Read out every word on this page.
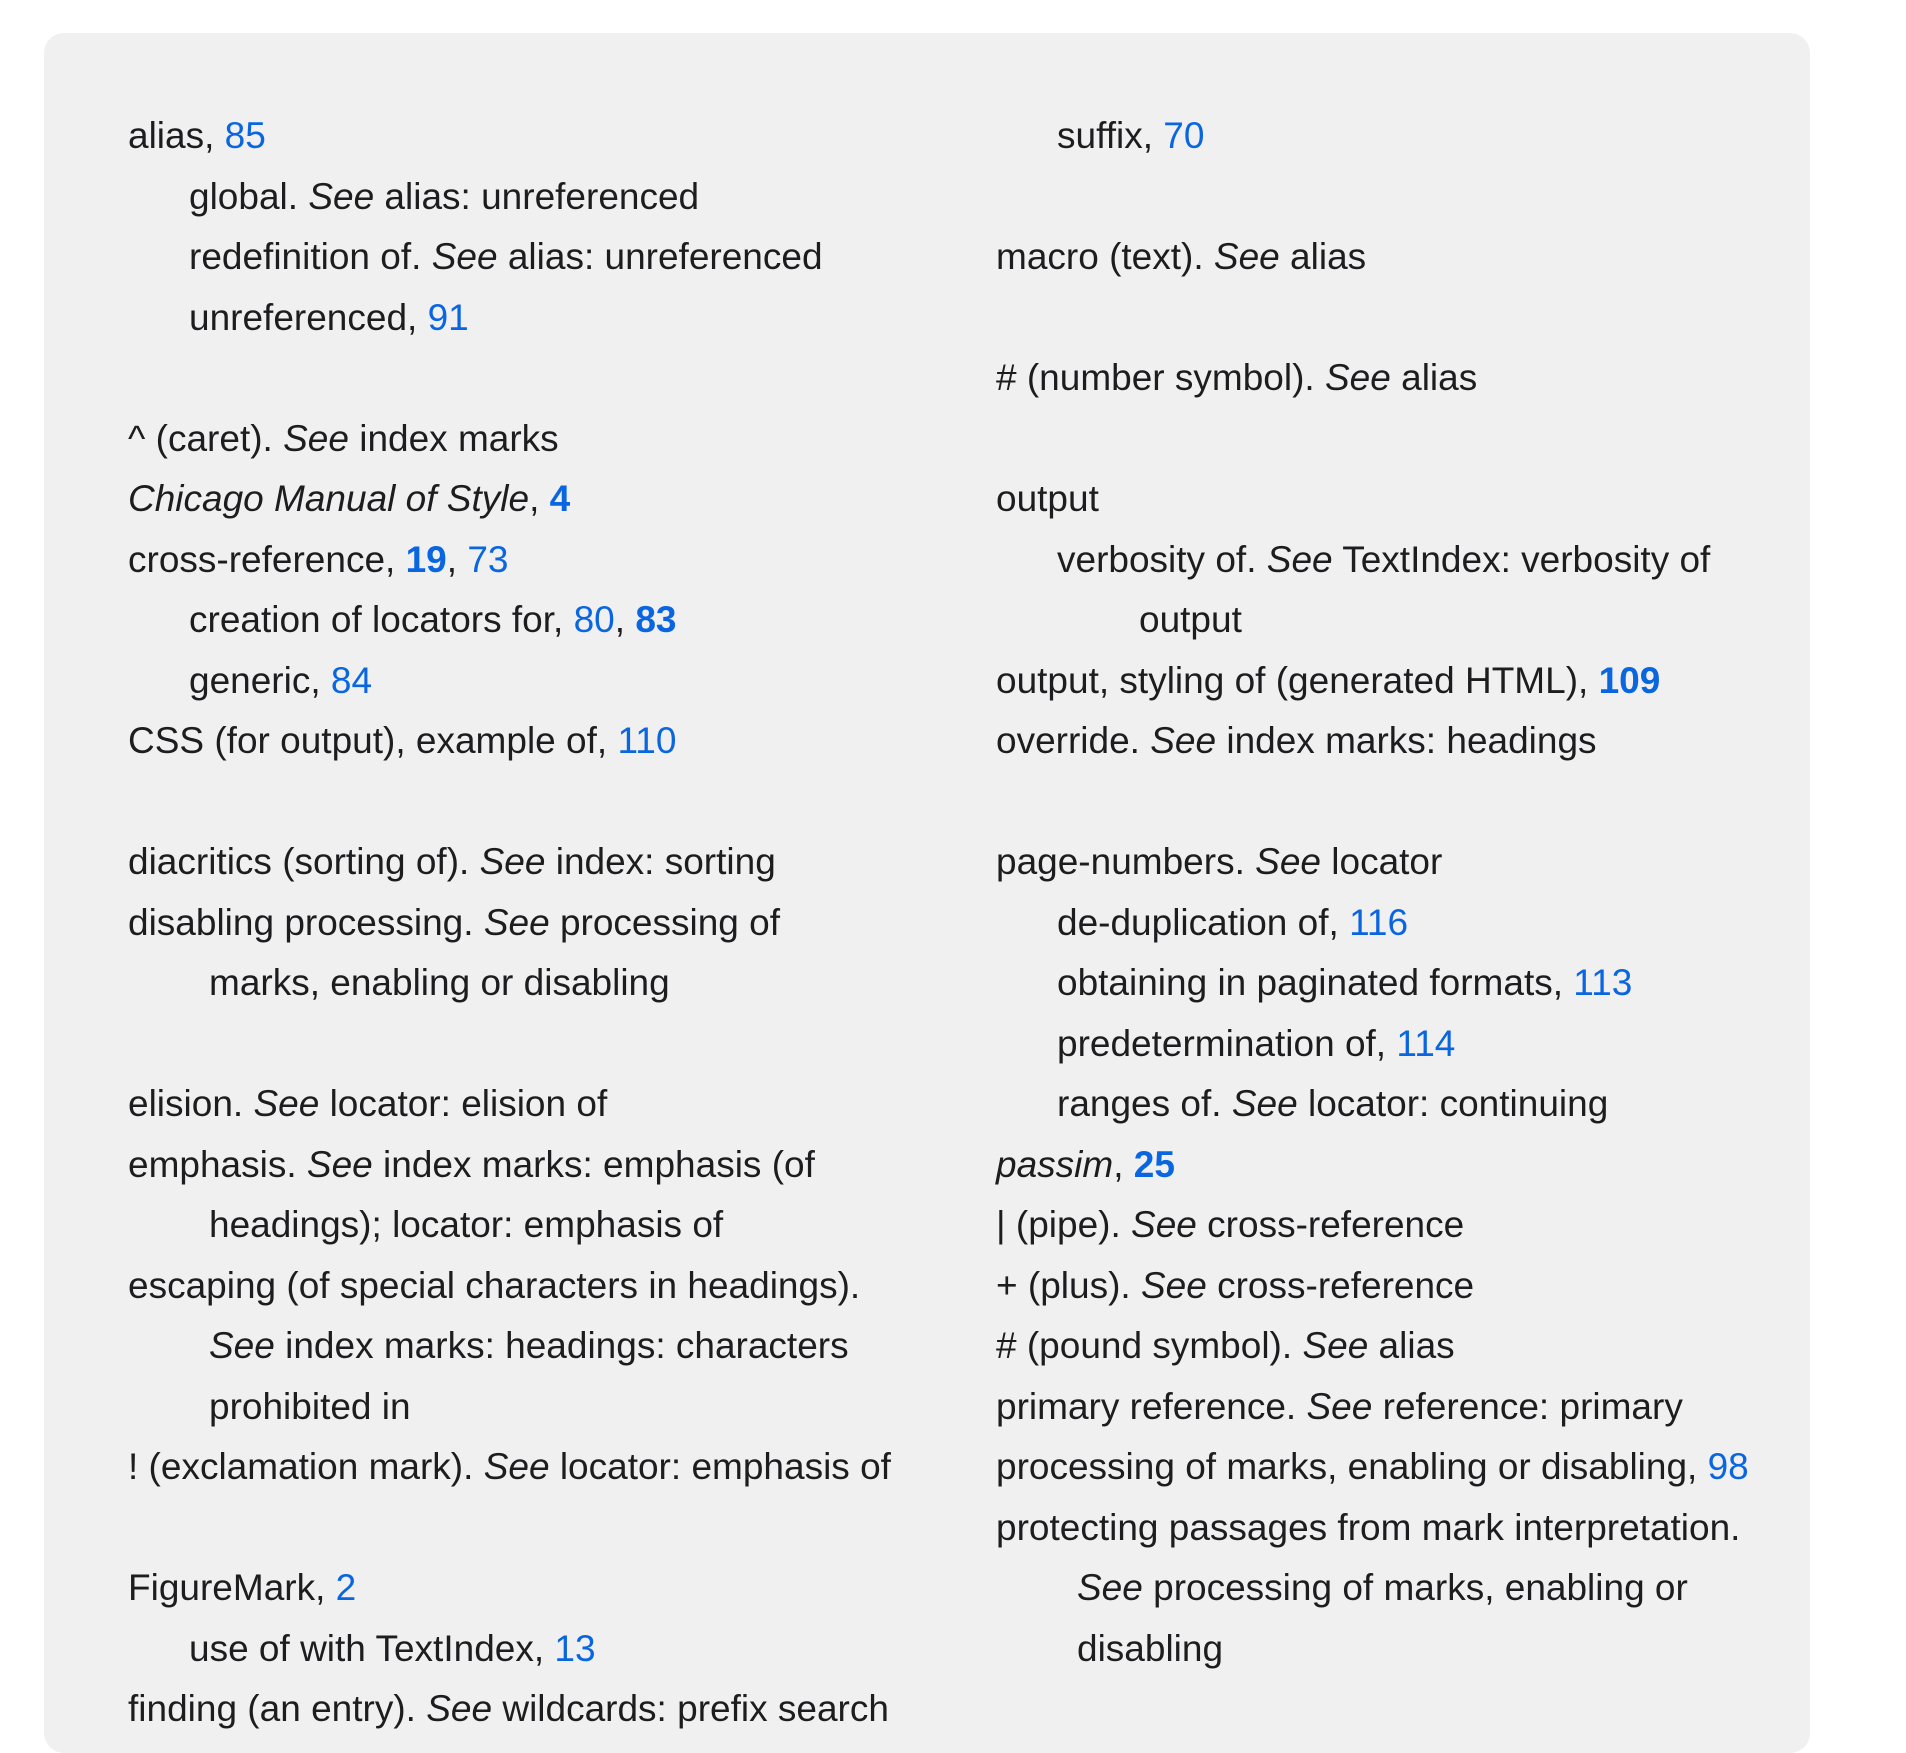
alias, 85
global. See alias: unreferenced
redefinition of. See alias: unreferenced
unreferenced, 91
^ (caret). See index marks
Chicago Manual of Style, 4
cross-reference, 19, 73
creation of locators for, 80, 83
generic, 84
CSS (for output), example of, 110
diacritics (sorting of). See index: sorting
disabling processing. See processing of
marks, enabling or disabling
elision. See locator: elision of
emphasis. See index marks: emphasis (of
headings); locator: emphasis of
escaping (of special characters in headings).
See index marks: headings: characters
prohibited in
! (exclamation mark). See locator: emphasis of
FigureMark, 2
use of with TextIndex, 13
finding (an entry). See wildcards: prefix search
suffix, 70
macro (text). See alias
# (number symbol). See alias
output
verbosity of. See TextIndex: verbosity of
output
output, styling of (generated HTML), 109
override. See index marks: headings
page-numbers. See locator
de-duplication of, 116
obtaining in paginated formats, 113
predetermination of, 114
ranges of. See locator: continuing
passim, 25
| (pipe). See cross-reference
+ (plus). See cross-reference
# (pound symbol). See alias
primary reference. See reference: primary
processing of marks, enabling or disabling, 98
protecting passages from mark interpretation.
See processing of marks, enabling or
disabling
